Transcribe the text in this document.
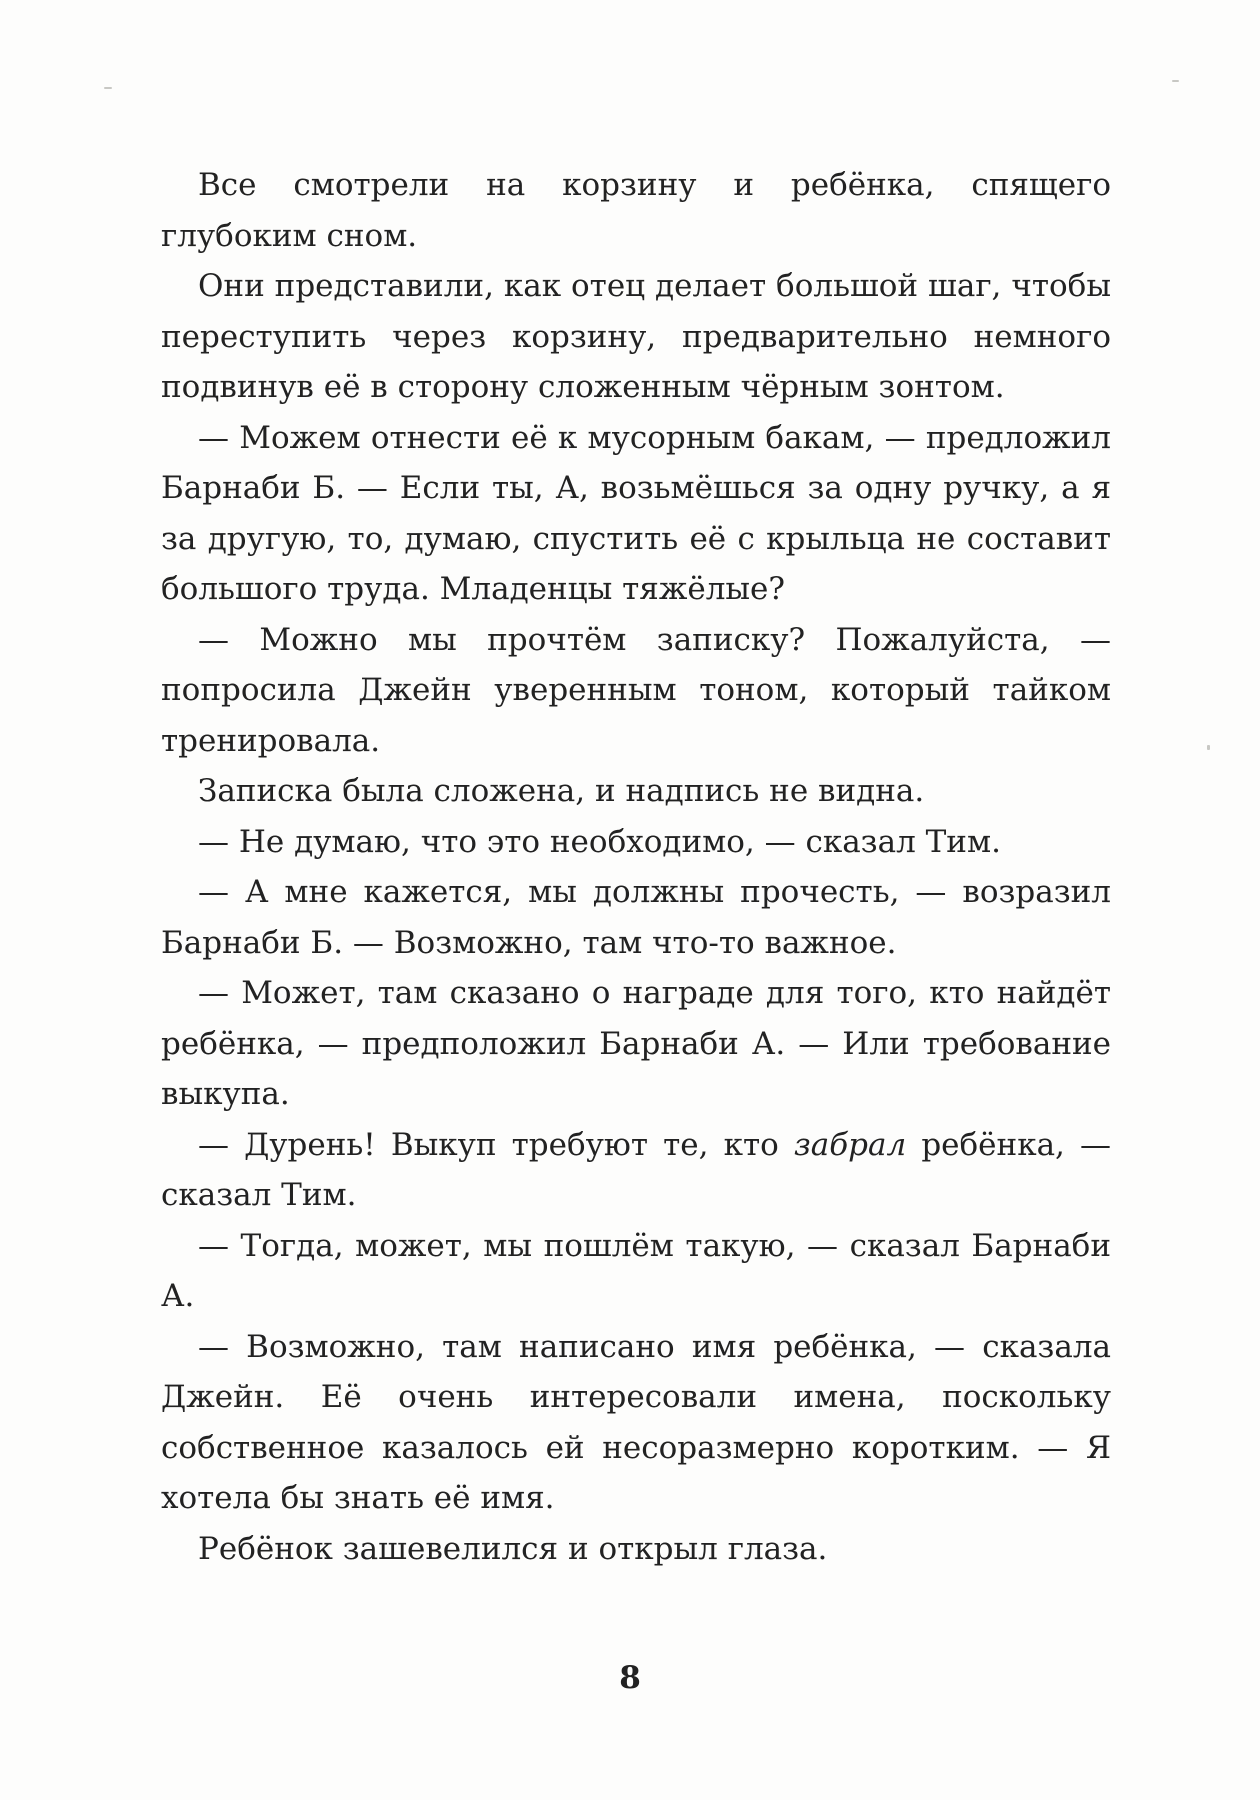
Все смотрели на корзину и ребёнка, спящего глубоким сном.

Они представили, как отец делает большой шаг, чтобы переступить через корзину, предварительно немного подвинув её в сторону сложенным чёрным зонтом.

— Можем отнести её к мусорным бакам, — предложил Барнаби Б. — Если ты, А, возьмёшься за одну ручку, а я за другую, то, думаю, спустить её с крыльца не составит большого труда. Младенцы тяжёлые?

— Можно мы прочтём записку? Пожалуйста, — попросила Джейн уверенным тоном, который тайком тренировала.

Записка была сложена, и надпись не видна.

— Не думаю, что это необходимо, — сказал Тим.

— А мне кажется, мы должны прочесть, — возразил Барнаби Б. — Возможно, там что-то важное.

— Может, там сказано о награде для того, кто найдёт ребёнка, — предположил Барнаби А. — Или требование выкупа.

— Дурень! Выкуп требуют те, кто забрал ребёнка, — сказал Тим.

— Тогда, может, мы пошлём такую, — сказал Барнаби А.

— Возможно, там написано имя ребёнка, — сказала Джейн. Её очень интересовали имена, поскольку собственное казалось ей несоразмерно коротким. — Я хотела бы знать её имя.

Ребёнок зашевелился и открыл глаза.

8
